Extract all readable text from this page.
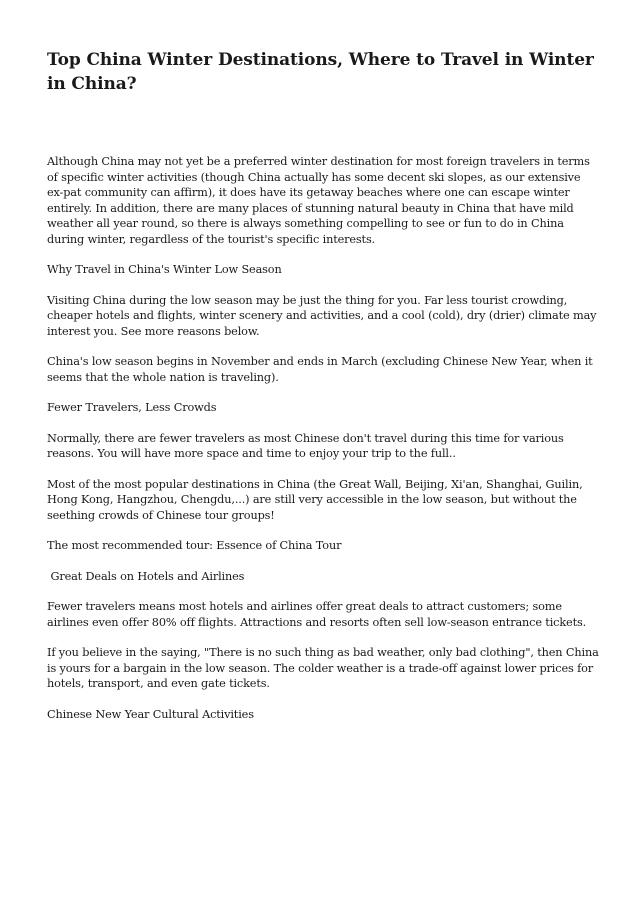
Top China Winter Destinations, Where to Travel in Winter in China?

Although China may not yet be a preferred winter destination for most foreign travelers in terms of specific winter activities (though China actually has some decent ski slopes, as our extensive ex-pat community can affirm), it does have its getaway beaches where one can escape winter entirely. In addition, there are many places of stunning natural beauty in China that have mild weather all year round, so there is always something compelling to see or fun to do in China during winter, regardless of the tourist's specific interests.

Why Travel in China's Winter Low Season

Visiting China during the low season may be just the thing for you. Far less tourist crowding, cheaper hotels and flights, winter scenery and activities, and a cool (cold), dry (drier) climate may interest you. See more reasons below.

China's low season begins in November and ends in March (excluding Chinese New Year, when it seems that the whole nation is traveling).

Fewer Travelers, Less Crowds

Normally, there are fewer travelers as most Chinese don't travel during this time for various reasons. You will have more space and time to enjoy your trip to the full..

Most of the most popular destinations in China (the Great Wall, Beijing, Xi'an, Shanghai, Guilin, Hong Kong, Hangzhou, Chengdu,...) are still very accessible in the low season, but without the seething crowds of Chinese tour groups!

The most recommended tour: Essence of China Tour

Great Deals on Hotels and Airlines

Fewer travelers means most hotels and airlines offer great deals to attract customers; some airlines even offer 80% off flights. Attractions and resorts often sell low-season entrance tickets.

If you believe in the saying, "There is no such thing as bad weather, only bad clothing", then China is yours for a bargain in the low season. The colder weather is a trade-off against lower prices for hotels, transport, and even gate tickets.

Chinese New Year Cultural Activities
